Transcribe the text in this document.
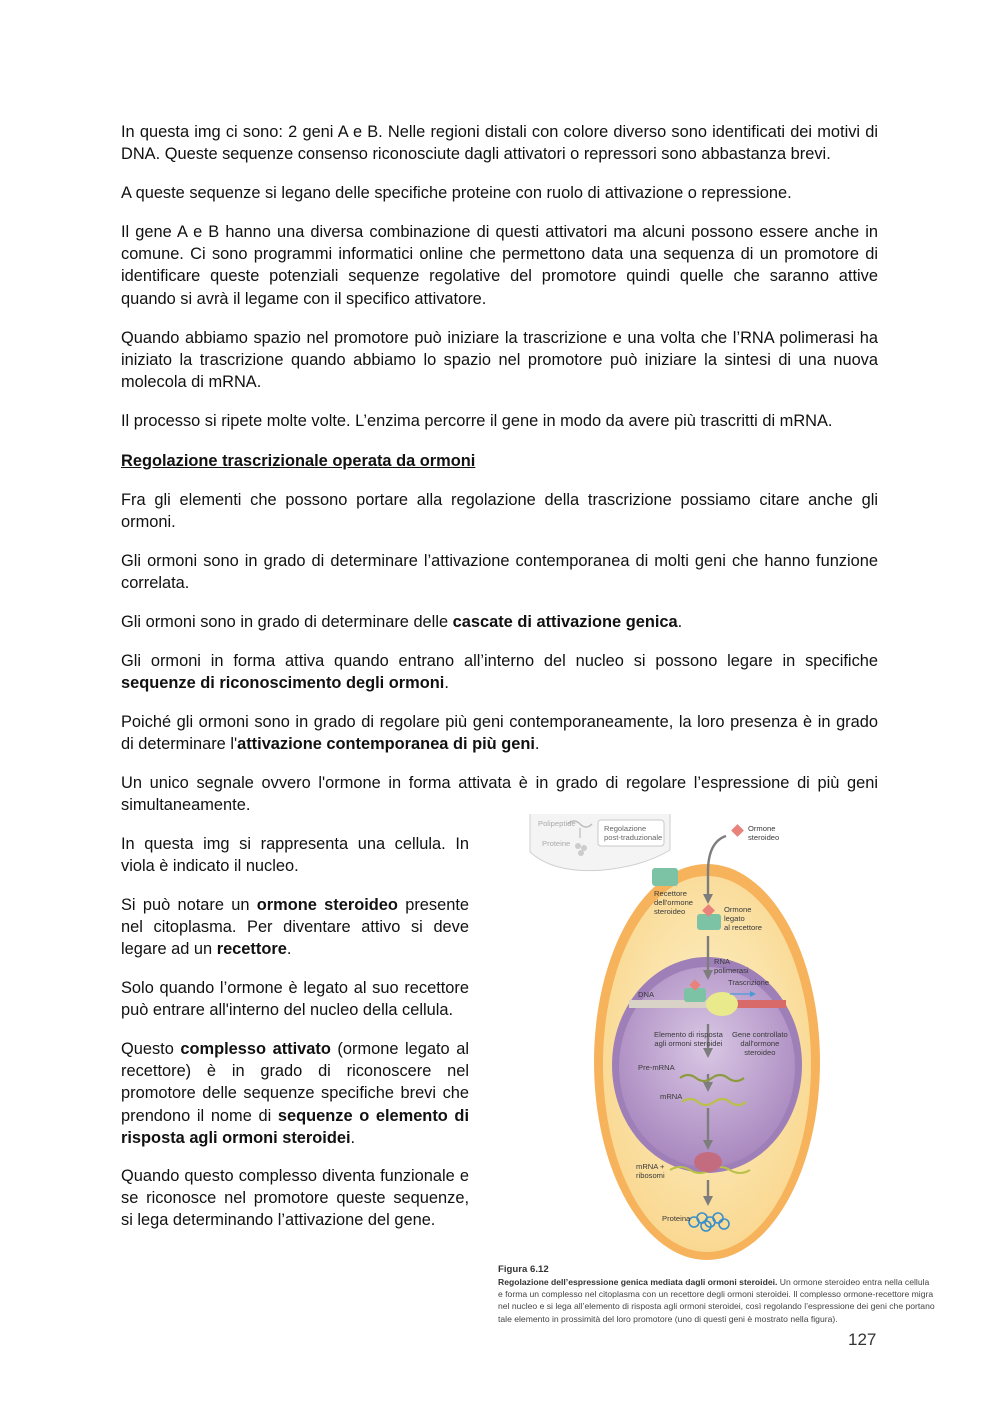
In questa img ci sono: 2 geni A e B. Nelle regioni distali con colore diverso sono identificati dei motivi di DNA. Queste sequenze consenso riconosciute dagli attivatori o repressori sono abbastanza brevi.

A queste sequenze si legano delle specifiche proteine con ruolo di attivazione o repressione.

Il gene A e B hanno una diversa combinazione di questi attivatori ma alcuni possono essere anche in comune. Ci sono programmi informatici online che permettono data una sequenza di un promotore di identificare queste potenziali sequenze regolative del promotore quindi quelle che saranno attive quando si avrà il legame con il specifico attivatore.

Quando abbiamo spazio nel promotore può iniziare la trascrizione e una volta che l’RNA polimerasi ha iniziato la trascrizione quando abbiamo lo spazio nel promotore può iniziare la sintesi di una nuova molecola di mRNA.

Il processo si ripete molte volte. L’enzima percorre il gene in modo da avere più trascritti di mRNA.

Regolazione trascrizionale operata da ormoni

Fra gli elementi che possono portare alla regolazione della trascrizione possiamo citare anche gli ormoni.

Gli ormoni sono in grado di determinare l’attivazione contemporanea di molti geni che hanno funzione correlata.

Gli ormoni sono in grado di determinare delle cascate di attivazione genica.

Gli ormoni in forma attiva quando entrano all’interno del nucleo si possono legare in specifiche sequenze di riconoscimento degli ormoni.

Poiché gli ormoni sono in grado di regolare più geni contemporaneamente, la loro presenza è in grado di determinare l'attivazione contemporanea di più geni.

Un unico segnale ovvero l'ormone in forma attivata è in grado di regolare l’espressione di più geni simultaneamente.

In questa img si rappresenta una cellula. In viola è indicato il nucleo.

Si può notare un ormone steroideo presente nel citoplasma. Per diventare attivo si deve legare ad un recettore.

Solo quando l’ormone è legato al suo recettore può entrare all'interno del nucleo della cellula.

Questo complesso attivato (ormone legato al recettore) è in grado di riconoscere nel promotore delle sequenze specifiche brevi che prendono il nome di sequenze o elemento di risposta agli ormoni steroidei.

Quando questo complesso diventa funzionale e se riconosce nel promotore queste sequenze, si lega determinando l’attivazione del gene.

Polipeptide
Proteine
Regolazione
post-traduzionale
Ormone
steroideo
Recettore
dell'ormone
steroideo	Ormone
legato
al recettore
RNA
polimerasi
Trascrizione
DNA
Elemento di risposta
agli ormoni steroidei
Gene controllato
dall'ormone
steroideo
Pre-mRNA
mRNA
mRNA +
ribosomi
Proteina
Figura 6.12
Regolazione dell’espressione genica mediata dagli ormoni steroidei. Un ormone steroideo entra nella cellula e forma un complesso nel citoplasma con un recettore degli ormoni steroidei. Il complesso ormone-recettore migra nel nucleo e si lega all’elemento di risposta agli ormoni steroidei, così regolando l’espressione dei geni che portano tale elemento in prossimità del loro promotore (uno di questi geni è mostrato nella figura).
127
